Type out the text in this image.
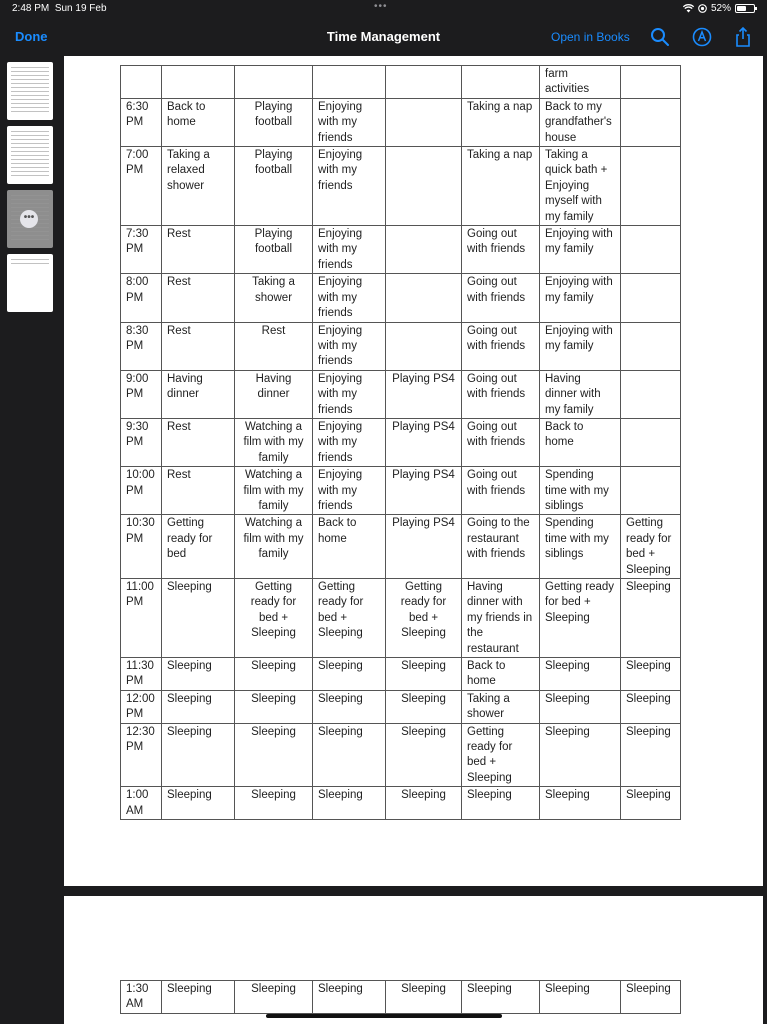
2:48 PM Sun 19 Feb	•••	52%
Done	Time Management	Open in Books
•••
						farm activities	
6:30 PM	Back to home	Playing football	Enjoying with my friends		Taking a nap	Back to my grandfather's house	
7:00 PM	Taking a relaxed shower	Playing football	Enjoying with my friends		Taking a nap	Taking a quick bath + Enjoying myself with my family	
7:30 PM	Rest	Playing football	Enjoying with my friends		Going out with friends	Enjoying with my family	
8:00 PM	Rest	Taking a shower	Enjoying with my friends		Going out with friends	Enjoying with my family	
8:30 PM	Rest	Rest	Enjoying with my friends		Going out with friends	Enjoying with my family	
9:00 PM	Having dinner	Having dinner	Enjoying with my friends	Playing PS4	Going out with friends	Having dinner with my family	
9:30 PM	Rest	Watching a film with my family	Enjoying with my friends	Playing PS4	Going out with friends	Back to home	
10:00 PM	Rest	Watching a film with my family	Enjoying with my friends	Playing PS4	Going out with friends	Spending time with my siblings	
10:30 PM	Getting ready for bed	Watching a film with my family	Back to home	Playing PS4	Going to the restaurant with friends	Spending time with my siblings	Getting ready for bed + Sleeping
11:00 PM	Sleeping	Getting ready for bed + Sleeping	Getting ready for bed + Sleeping	Getting ready for bed + Sleeping	Having dinner with my friends in the restaurant	Getting ready for bed + Sleeping	Sleeping
11:30 PM	Sleeping	Sleeping	Sleeping	Sleeping	Back to home	Sleeping	Sleeping
12:00 PM	Sleeping	Sleeping	Sleeping	Sleeping	Taking a shower	Sleeping	Sleeping
12:30 PM	Sleeping	Sleeping	Sleeping	Sleeping	Getting ready for bed + Sleeping	Sleeping	Sleeping
1:00 AM	Sleeping	Sleeping	Sleeping	Sleeping	Sleeping	Sleeping	Sleeping
1:30 AM	Sleeping	Sleeping	Sleeping	Sleeping	Sleeping	Sleeping	Sleeping
